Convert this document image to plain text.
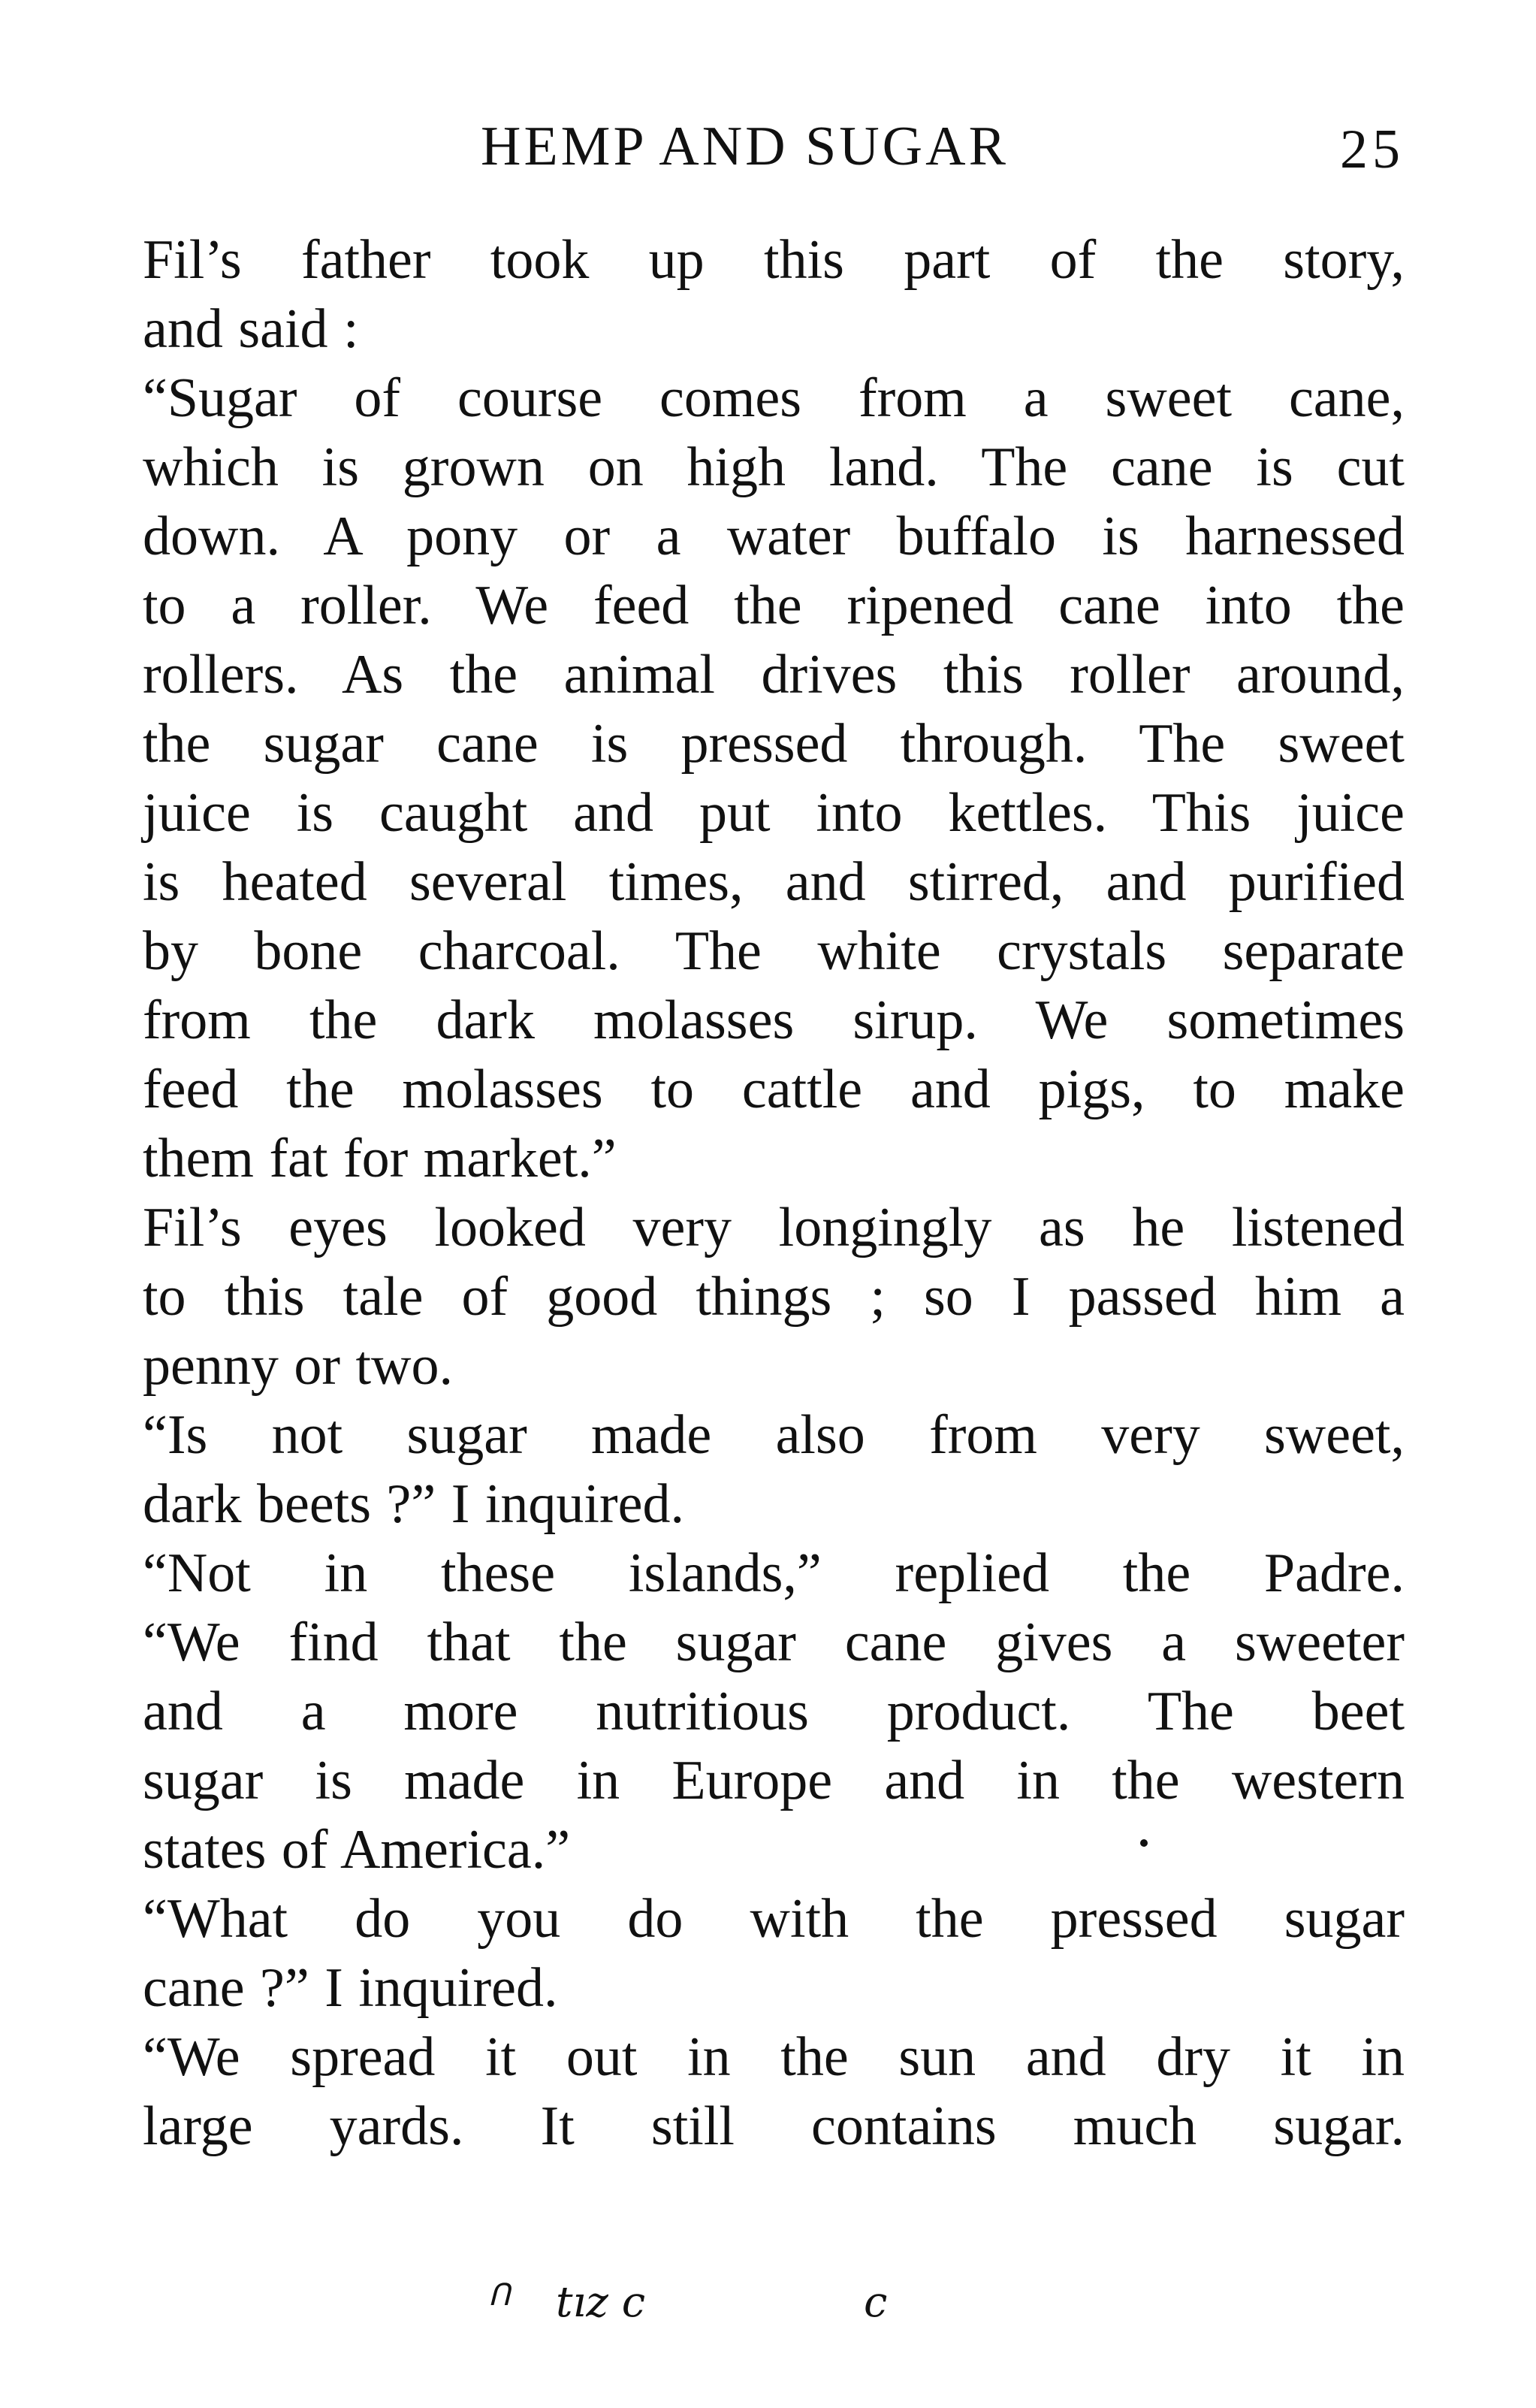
HEMP AND SUGAR	25
Fil’s father took up this part of the story,
and said :
“Sugar of course comes from a sweet cane,
which is grown on high land. The cane is cut
down. A pony or a water buffalo is harnessed
to a roller. We feed the ripened cane into the
rollers. As the animal drives this roller around,
the sugar cane is pressed through. The sweet
juice is caught and put into kettles. This juice
is heated several times, and stirred, and purified
by bone charcoal. The white crystals separate
from the dark molasses sirup. We sometimes
feed the molasses to cattle and pigs, to make
them fat for market.”
Fil’s eyes looked very longingly as he listened
to this tale of good things ; so I passed him a
penny or two.
“Is not sugar made also from very sweet,
dark beets ?” I inquired.
“Not in these islands,” replied the Padre.
“We find that the sugar cane gives a sweeter
and a more nutritious product. The beet
sugar is made in Europe and in the western
states of America.”
“What do you do with the pressed sugar
cane ?” I inquired.
“We spread it out in the sun and dry it in
large yards. It still contains much sugar.
ᑎ tız c	c
